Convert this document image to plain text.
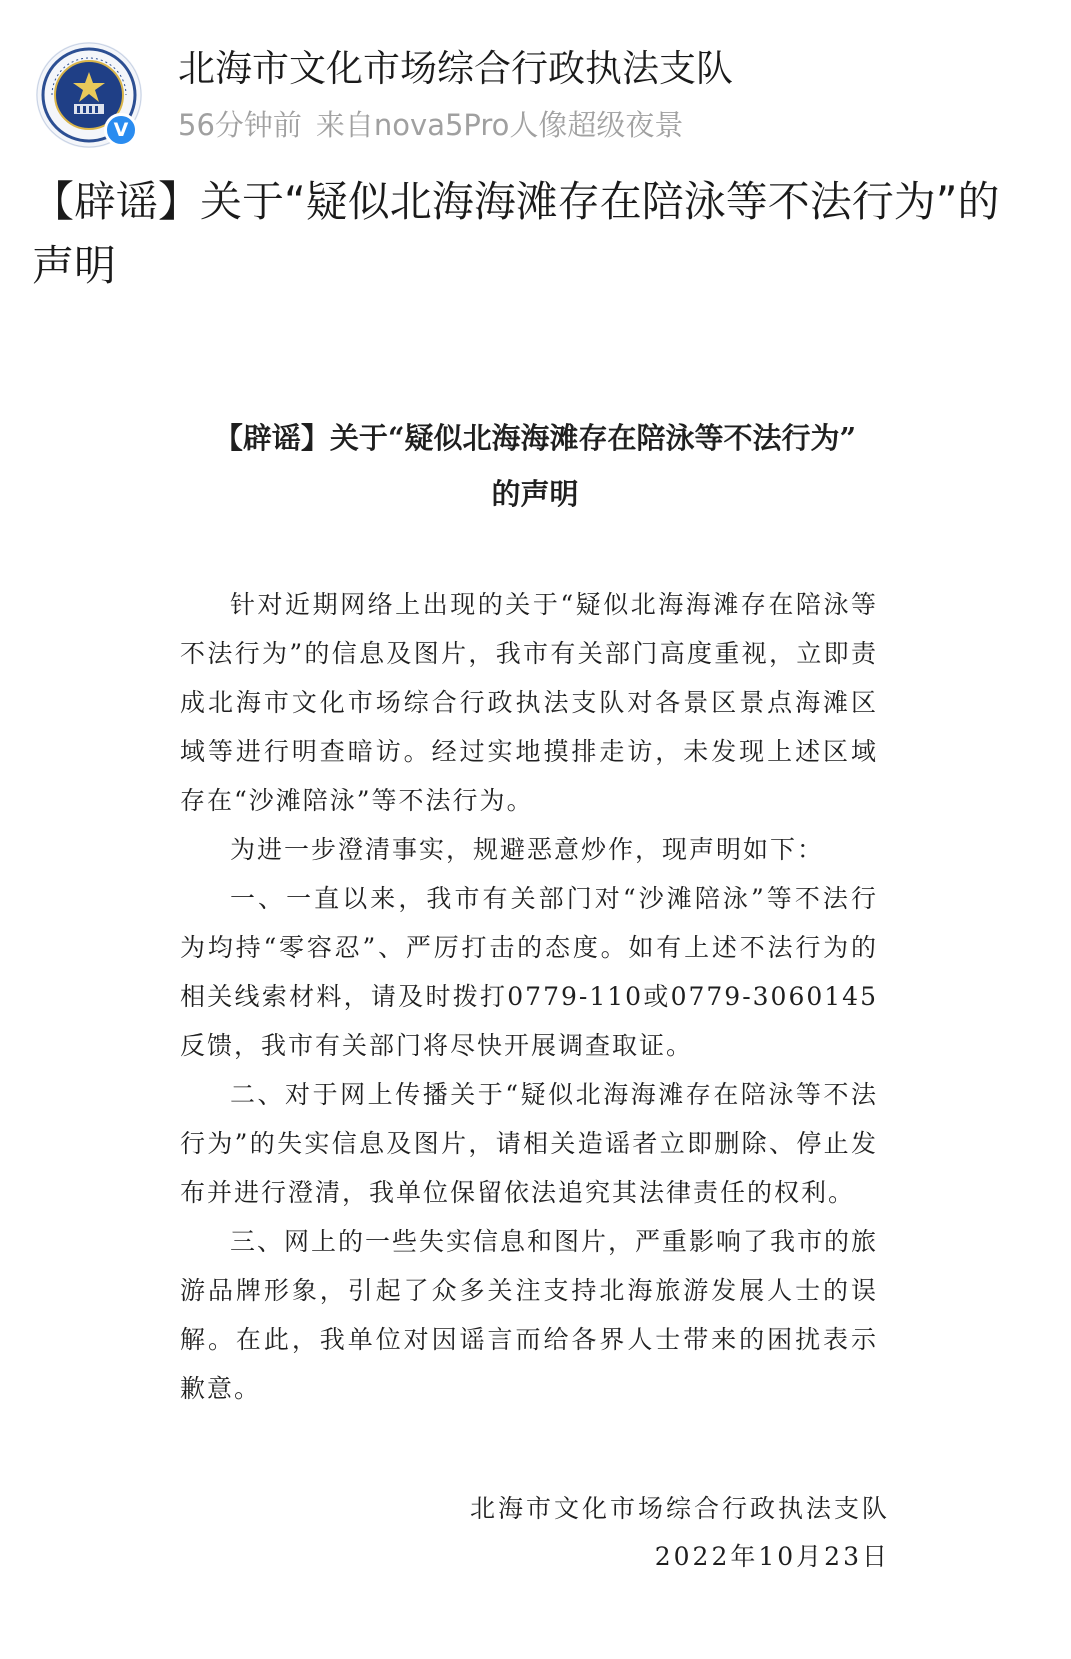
V
北海市文化市场综合行政执法支队
56分钟前 来自nova5Pro人像超级夜景
【辟谣】关于“疑似北海海滩存在陪泳等不法行为”的声明
【辟谣】关于“疑似北海海滩存在陪泳等不法行为”
的声明

针对近期网络上出现的关于“疑似北海海滩存在陪泳等不法行为”的信息及图片，我市有关部门高度重视，立即责成北海市文化市场综合行政执法支队对各景区景点海滩区域等进行明查暗访。经过实地摸排走访，未发现上述区域存在“沙滩陪泳”等不法行为。

为进一步澄清事实，规避恶意炒作，现声明如下：

一、一直以来，我市有关部门对“沙滩陪泳”等不法行为均持“零容忍”、严厉打击的态度。如有上述不法行为的相关线索材料，请及时拨打0779-110或0779-3060145反馈，我市有关部门将尽快开展调查取证。

二、对于网上传播关于“疑似北海海滩存在陪泳等不法行为”的失实信息及图片，请相关造谣者立即删除、停止发布并进行澄清，我单位保留依法追究其法律责任的权利。

三、网上的一些失实信息和图片，严重影响了我市的旅游品牌形象，引起了众多关注支持北海旅游发展人士的误解。在此，我单位对因谣言而给各界人士带来的困扰表示歉意。

北海市文化市场综合行政执法支队
2022年10月23日
